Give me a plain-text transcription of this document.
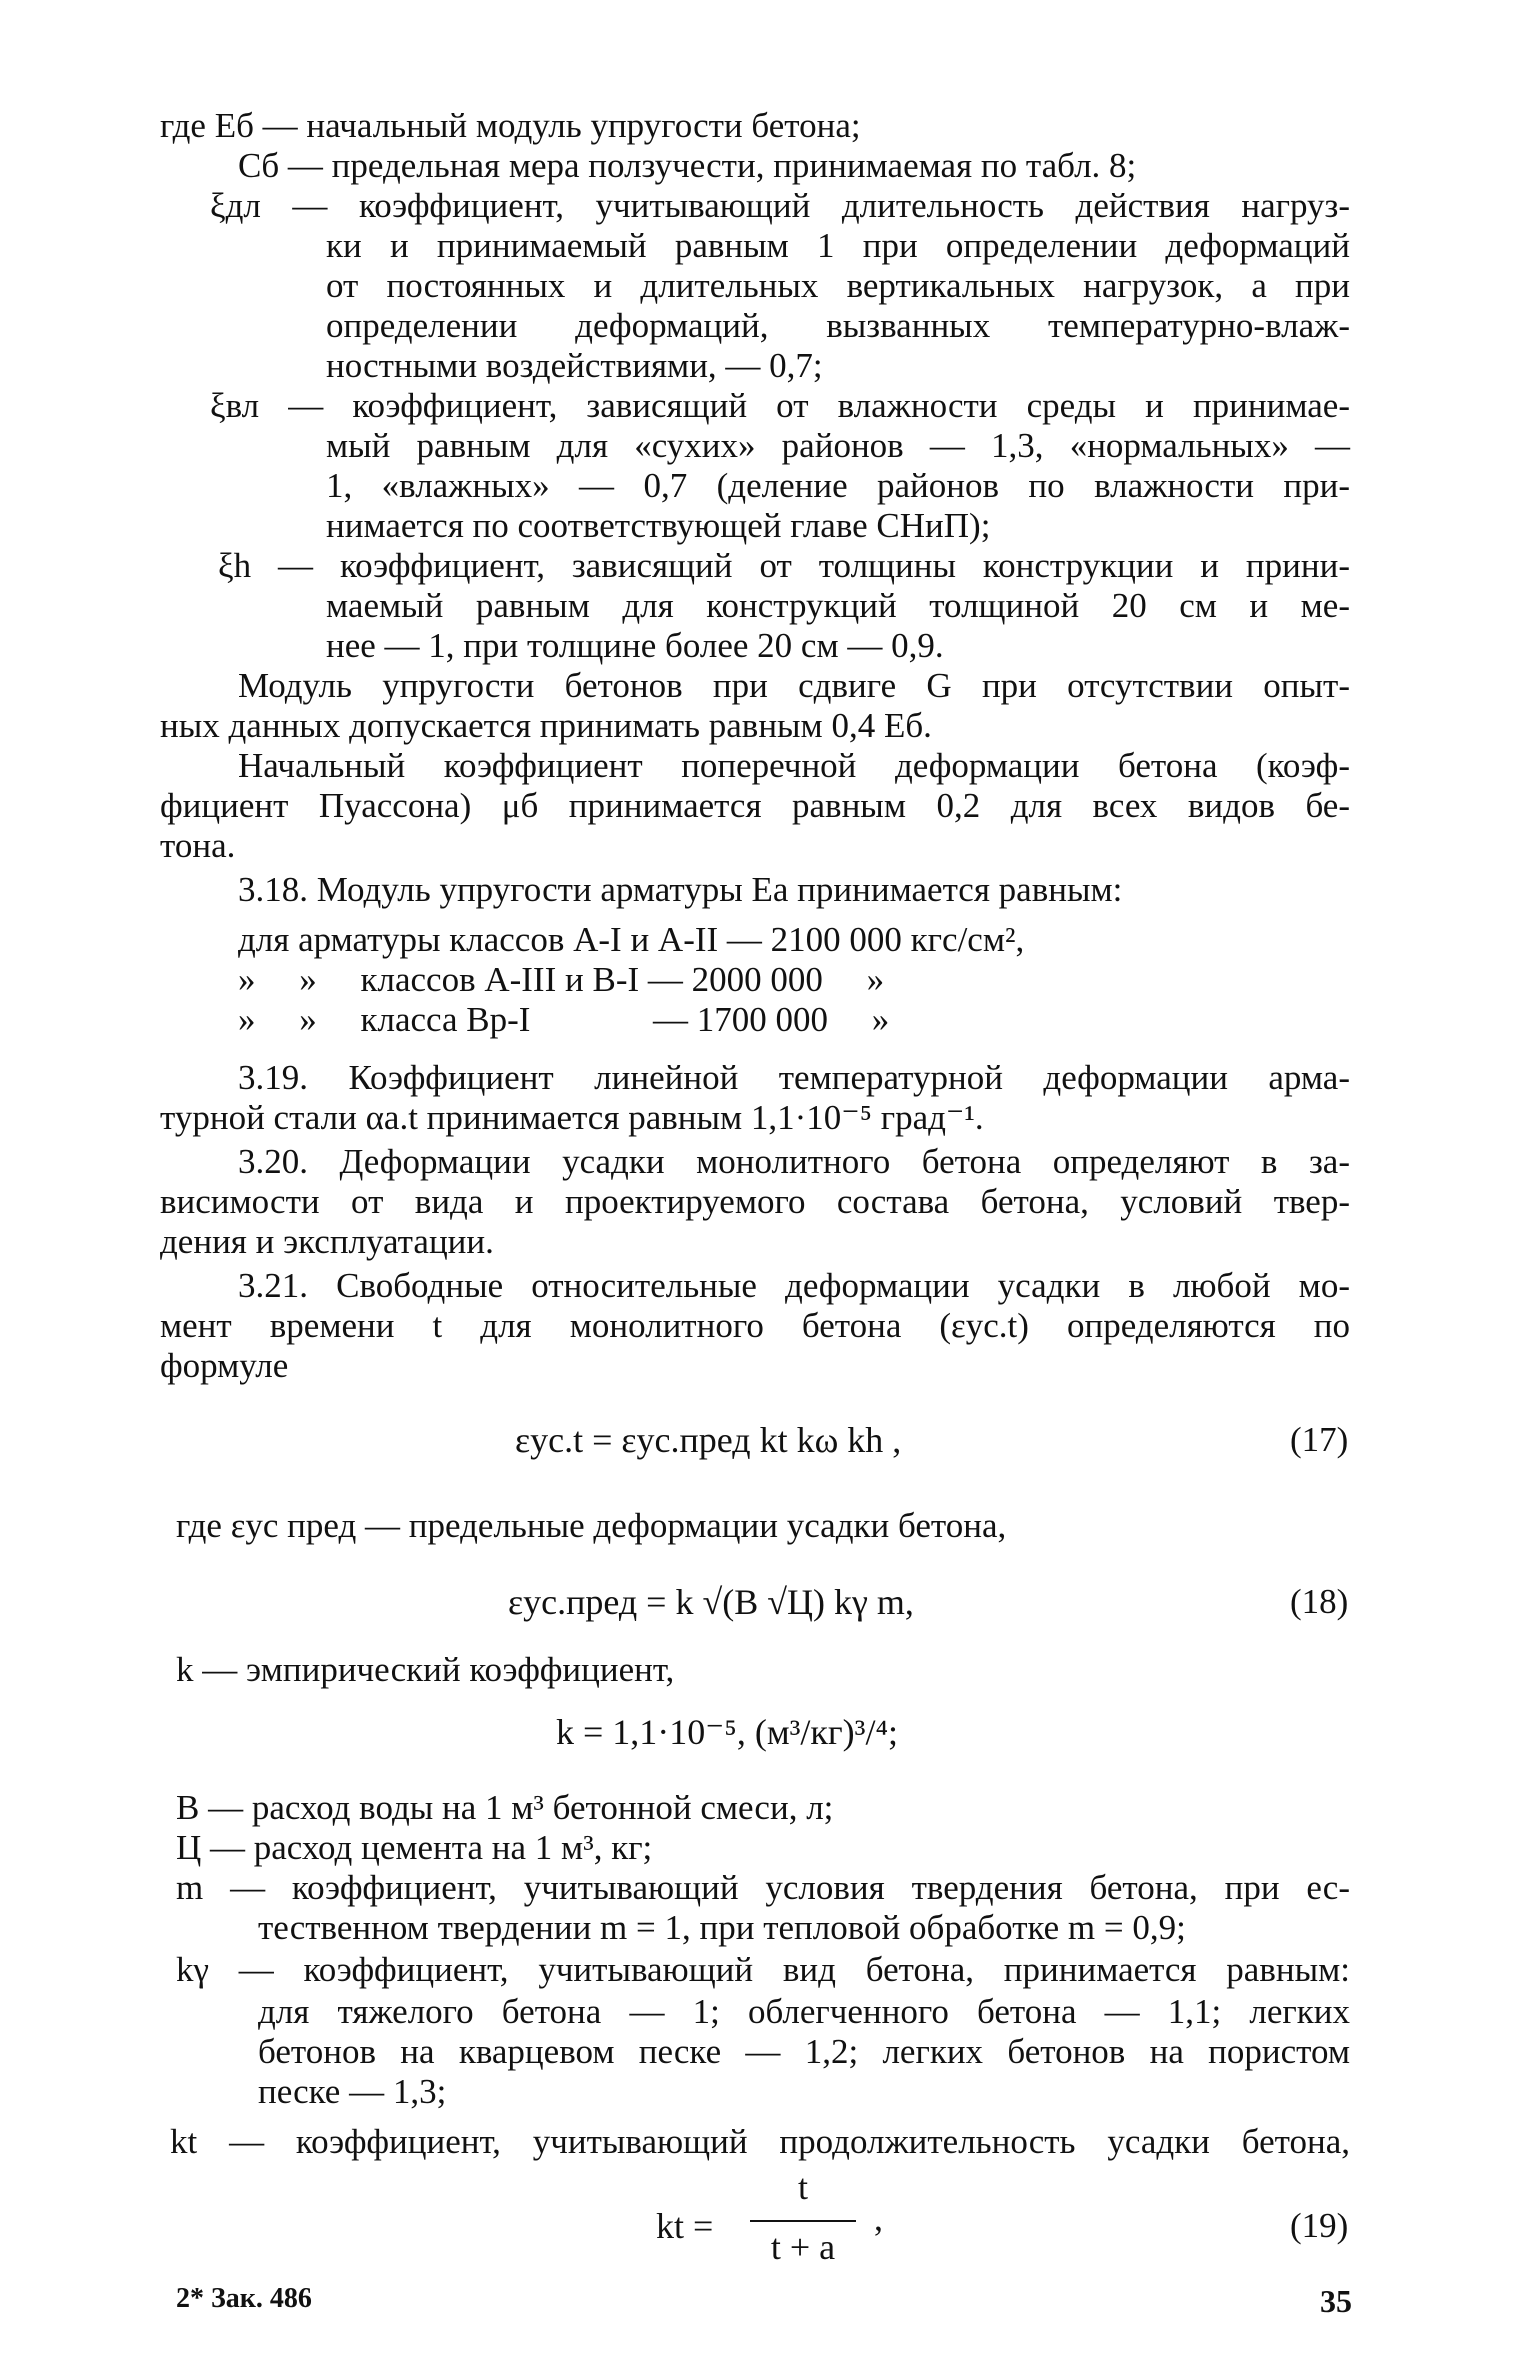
где Eб — начальный модуль упругости бетона;
Cб — предельная мера ползучести, принимаемая по табл. 8;
ξдл — коэффициент, учитывающий длительность действия нагруз-
ки и принимаемый равным 1 при определении деформаций
от постоянных и длительных вертикальных нагрузок, а при
определении деформаций, вызванных температурно-влаж-
ностными воздействиями, — 0,7;
ξвл — коэффициент, зависящий от влажности среды и принимае-
мый равным для «сухих» районов — 1,3, «нормальных» —
1, «влажных» — 0,7 (деление районов по влажности при-
нимается по соответствующей главе СНиП);
ξh — коэффициент, зависящий от толщины конструкции и прини-
маемый равным для конструкций толщиной 20 см и ме-
нее — 1, при толщине более 20 см — 0,9.
Модуль упругости бетонов при сдвиге G при отсутствии опыт-
ных данных допускается принимать равным 0,4 Eб.
Начальный коэффициент поперечной деформации бетона (коэф-
фициент Пуассона) μб принимается равным 0,2 для всех видов бе-
тона.
3.18. Модуль упругости арматуры Eа принимается равным:
для арматуры классов А-I и А-II — 2100 000 кгс/см²,
»     »     классов А-III и В-I — 2000 000     »
»     »     класса Вр-I              — 1700 000     »
3.19. Коэффициент линейной температурной деформации арма-
турной стали αа.t принимается равным 1,1·10⁻⁵ град⁻¹.
3.20. Деформации усадки монолитного бетона определяют в за-
висимости от вида и проектируемого состава бетона, условий твер-
дения и эксплуатации.
3.21. Свободные относительные деформации усадки в любой мо-
мент времени t для монолитного бетона (εус.t) определяются по
формуле
εус.t = εус.пред kt kω kh ,	(17)
где εус пред — предельные деформации усадки бетона,
εус.пред = k √(B √Ц) kγ m,	(18)
k — эмпирический коэффициент,
k = 1,1·10⁻⁵, (м³/кг)³/⁴;
B — расход воды на 1 м³ бетонной смеси, л;
Ц — расход цемента на 1 м³, кг;
m — коэффициент, учитывающий условия твердения бетона, при ес-
тественном твердении m = 1, при тепловой обработке m = 0,9;
kγ — коэффициент, учитывающий вид бетона, принимается равным:
для тяжелого бетона — 1; облегченного бетона — 1,1; легких
бетонов на кварцевом песке — 1,2; легких бетонов на пористом
песке — 1,3;
kt — коэффициент, учитывающий продолжительность усадки бетона,
kt =
t
t + a
,	(19)
2* Зак. 486	35
